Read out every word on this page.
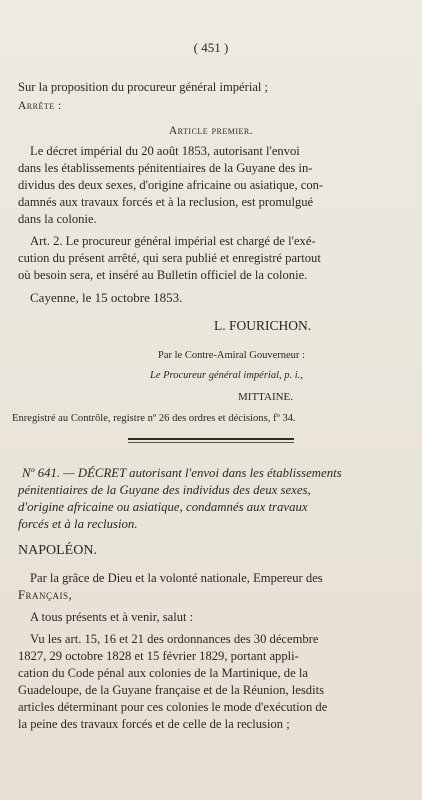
( 451 )
Sur la proposition du procureur général impérial ;
Arrête :
Article premier.
Le décret impérial du 20 août 1853, autorisant l'envoi
dans les établissements pénitentiaires de la Guyane des in-
dividus des deux sexes, d'origine africaine ou asiatique, con-
damnés aux travaux forcés et à la reclusion, est promulgué
dans la colonie.
Art. 2. Le procureur général impérial est chargé de l'exé-
cution du présent arrêté, qui sera publié et enregistré partout
où besoin sera, et inséré au Bulletin officiel de la colonie.
Cayenne, le 15 octobre 1853.
L. FOURICHON.
Par le Contre-Amiral Gouverneur :
Le Procureur général impérial, p. i.,
MITTAINE.
Enregistré au Contrôle, registre nº 26 des ordres et décisions, fº 34.
Nº 641. — DÉCRET autorisant l'envoi dans les établissements
pénitentiaires de la Guyane des individus des deux sexes,
d'origine africaine ou asiatique, condamnés aux travaux
forcés et à la reclusion.
NAPOLÉON.
Par la grâce de Dieu et la volonté nationale, Empereur des
Français,
A tous présents et à venir, salut :
Vu les art. 15, 16 et 21 des ordonnances des 30 décembre
1827, 29 octobre 1828 et 15 février 1829, portant appli-
cation du Code pénal aux colonies de la Martinique, de la
Guadeloupe, de la Guyane française et de la Réunion, lesdits
articles déterminant pour ces colonies le mode d'exécution de
la peine des travaux forcés et de celle de la reclusion ;
